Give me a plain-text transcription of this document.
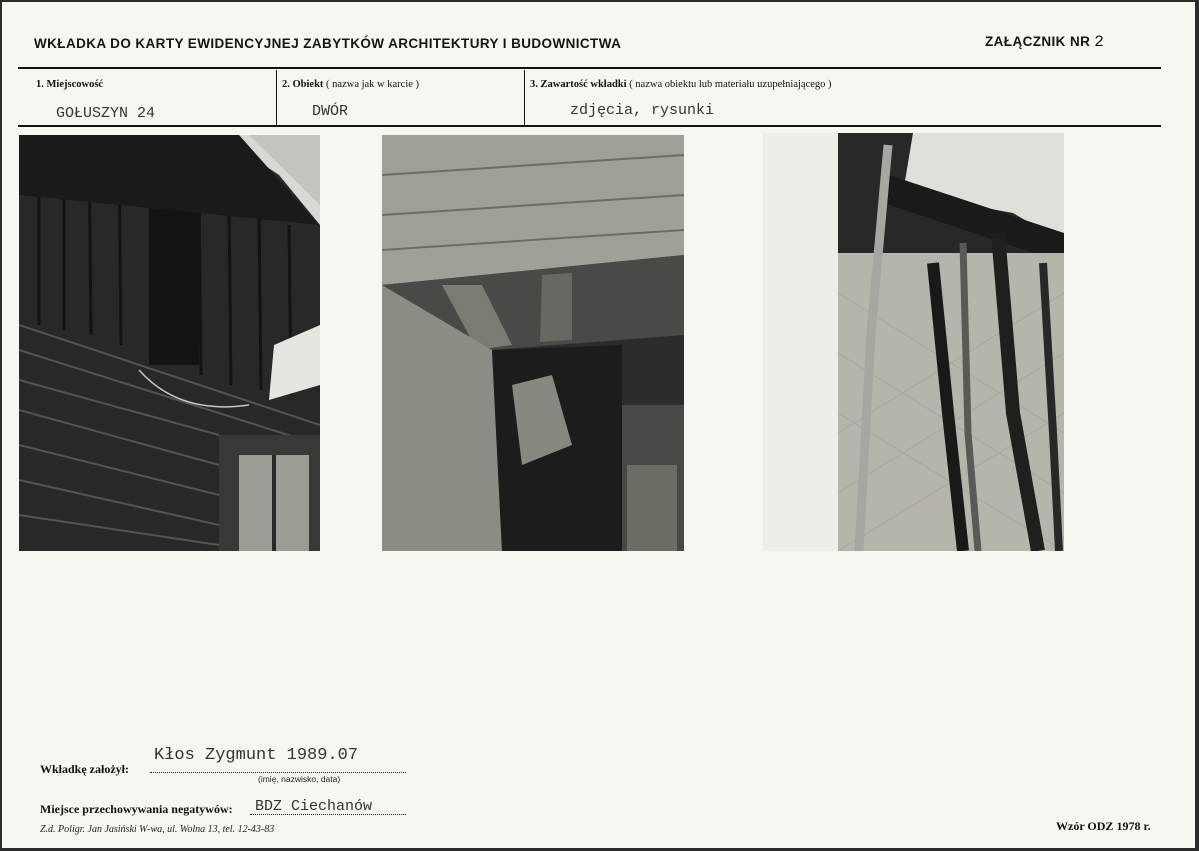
WKŁADKA DO KARTY EWIDENCYJNEJ ZABYTKÓW ARCHITEKTURY I BUDOWNICTWA	ZAŁĄCZNIK NR 2
1. Miejscowość	2. Obiekt ( nazwa jak w karcie )	3. Zawartość wkładki ( nazwa obiektu lub materiału uzupełniającego )
GOŁUSZYN 24	DWÓR	zdjęcia, rysunki
Wkładkę założył:
Kłos Zygmunt 1989.07
(imię, nazwisko, data)
Miejsce przechowywania negatywów: BDZ Ciechanów
Z.d. Poligr. Jan Jasiński W-wa, ul. Wolna 13, tel. 12-43-83	Wzór ODZ 1978 r.
